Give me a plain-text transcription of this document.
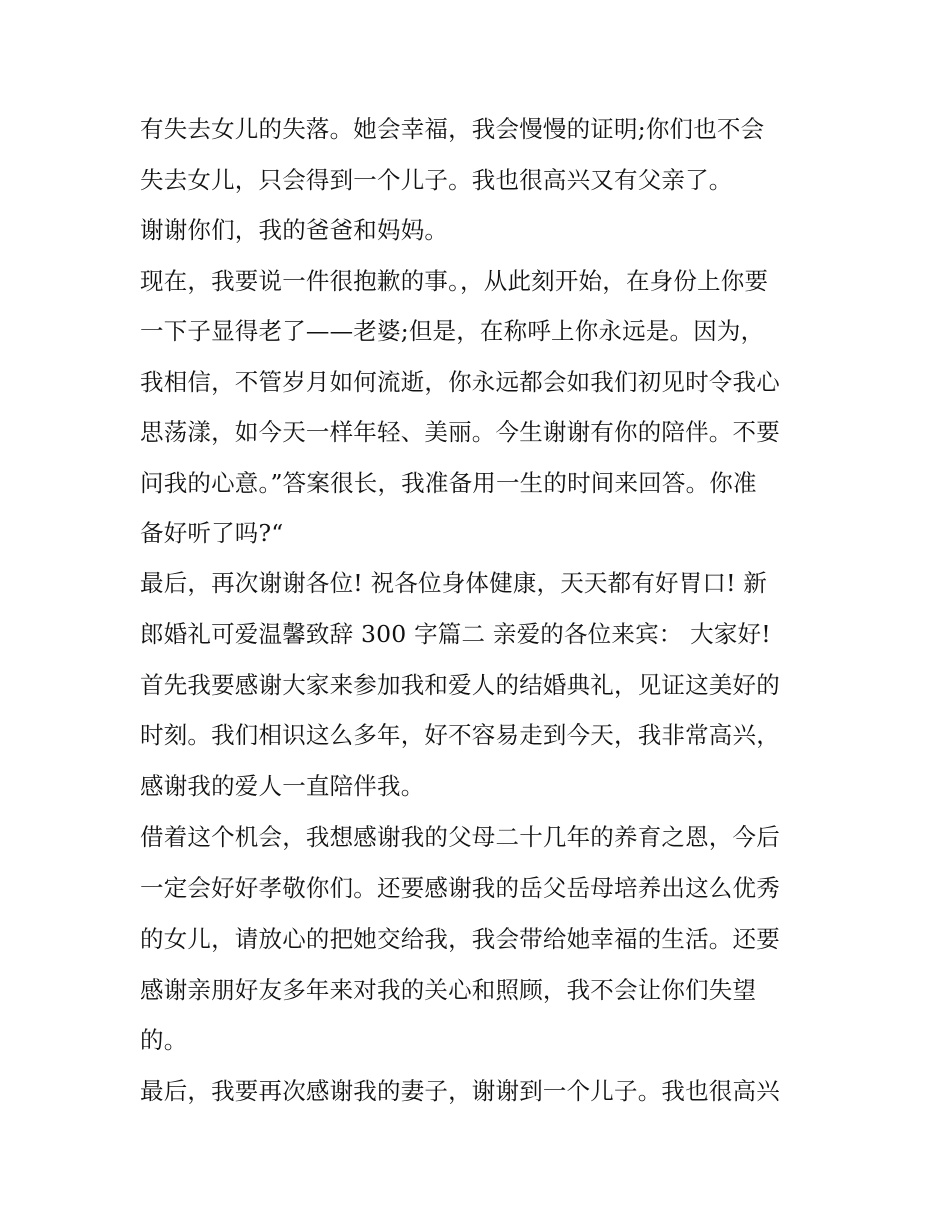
有失去女儿的失落。她会幸福，我会慢慢的证明;你们也不会
失去女儿，只会得到一个儿子。我也很高兴又有父亲了。
谢谢你们，我的爸爸和妈妈。
现在，我要说一件很抱歉的事。，从此刻开始，在身份上你要
一下子显得老了——老婆;但是，在称呼上你永远是。因为，
我相信，不管岁月如何流逝，你永远都会如我们初见时令我心
思荡漾，如今天一样年轻、美丽。今生谢谢有你的陪伴。不要
问我的心意。”答案很长，我准备用一生的时间来回答。你准
备好听了吗?“
最后，再次谢谢各位! 祝各位身体健康，天天都有好胃口! 新
郎婚礼可爱温馨致辞 300 字篇二 亲爱的各位来宾： 大家好!
首先我要感谢大家来参加我和爱人的结婚典礼，见证这美好的
时刻。我们相识这么多年，好不容易走到今天，我非常高兴，
感谢我的爱人一直陪伴我。
借着这个机会，我想感谢我的父母二十几年的养育之恩，今后
一定会好好孝敬你们。还要感谢我的岳父岳母培养出这么优秀
的女儿，请放心的把她交给我，我会带给她幸福的生活。还要
感谢亲朋好友多年来对我的关心和照顾，我不会让你们失望
的。
最后，我要再次感谢我的妻子，谢谢到一个儿子。我也很高兴
